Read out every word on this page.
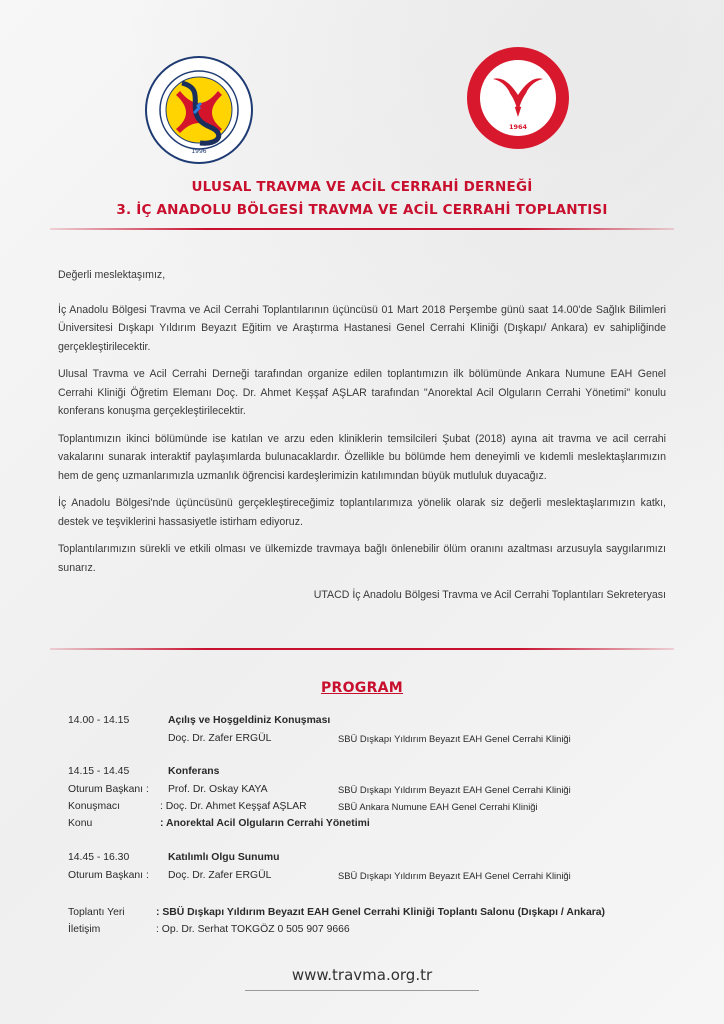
1996
1964

ULUSAL TRAVMA VE ACİL CERRAHİ DERNEĞİ

3. İÇ ANADOLU BÖLGESİ TRAVMA VE ACİL CERRAHİ TOPLANTISI

Değerli meslektaşımız,

İç Anadolu Bölgesi Travma ve Acil Cerrahi Toplantılarının üçüncüsü 01 Mart 2018 Perşembe günü saat 14.00'de Sağlık Bilimleri Üniversitesi Dışkapı Yıldırım Beyazıt Eğitim ve Araştırma Hastanesi Genel Cerrahi Kliniği (Dışkapı/ Ankara) ev sahipliğinde gerçekleştirilecektir.

Ulusal Travma ve Acil Cerrahi Derneği tarafından organize edilen toplantımızın ilk bölümünde Ankara Numune EAH Genel Cerrahi Kliniği Öğretim Elemanı Doç. Dr. Ahmet Keşşaf AŞLAR tarafından "Anorektal Acil Olguların Cerrahi Yönetimi" konulu konferans konuşma gerçekleştirilecektir.

Toplantımızın ikinci bölümünde ise katılan ve arzu eden kliniklerin temsilcileri Şubat (2018) ayına ait travma ve acil cerrahi vakalarını sunarak interaktif paylaşımlarda bulunacaklardır. Özellikle bu bölümde hem deneyimli ve kıdemli meslektaşlarımızın hem de genç uzmanlarımızla uzmanlık öğrencisi kardeşlerimizin katılımından büyük mutluluk duyacağız.

İç Anadolu Bölgesi'nde üçüncüsünü gerçekleştireceğimiz toplantılarımıza yönelik olarak siz değerli meslektaşlarımızın katkı, destek ve teşviklerini hassasiyetle istirham ediyoruz.

Toplantılarımızın sürekli ve etkili olması ve ülkemizde travmaya bağlı önlenebilir ölüm oranını azaltması arzusuyla saygılarımızı sunarız.

UTACD İç Anadolu Bölgesi Travma ve Acil Cerrahi Toplantıları Sekreteryası

PROGRAM
14.00 - 14.15	Açılış ve Hoşgeldiniz Konuşması
Doç. Dr. Zafer ERGÜL	SBÜ Dışkapı Yıldırım Beyazıt EAH Genel Cerrahi Kliniği
14.15 - 14.45	Konferans
Oturum Başkanı : Prof. Dr. Oskay KAYA	SBÜ Dışkapı Yıldırım Beyazıt EAH Genel Cerrahi Kliniği
Konuşmacı	: Doç. Dr. Ahmet Keşşaf AŞLAR	SBÜ Ankara Numune EAH Genel Cerrahi Kliniği
Konu	: Anorektal Acil Olguların Cerrahi Yönetimi
14.45 - 16.30	Katılımlı Olgu Sunumu
Oturum Başkanı : Doç. Dr. Zafer ERGÜL	SBÜ Dışkapı Yıldırım Beyazıt EAH Genel Cerrahi Kliniği
Toplantı Yeri	: SBÜ Dışkapı Yıldırım Beyazıt EAH Genel Cerrahi Kliniği Toplantı Salonu (Dışkapı / Ankara)
İletişim	: Op. Dr. Serhat TOKGÖZ 0 505 907 9666
www.travma.org.tr
